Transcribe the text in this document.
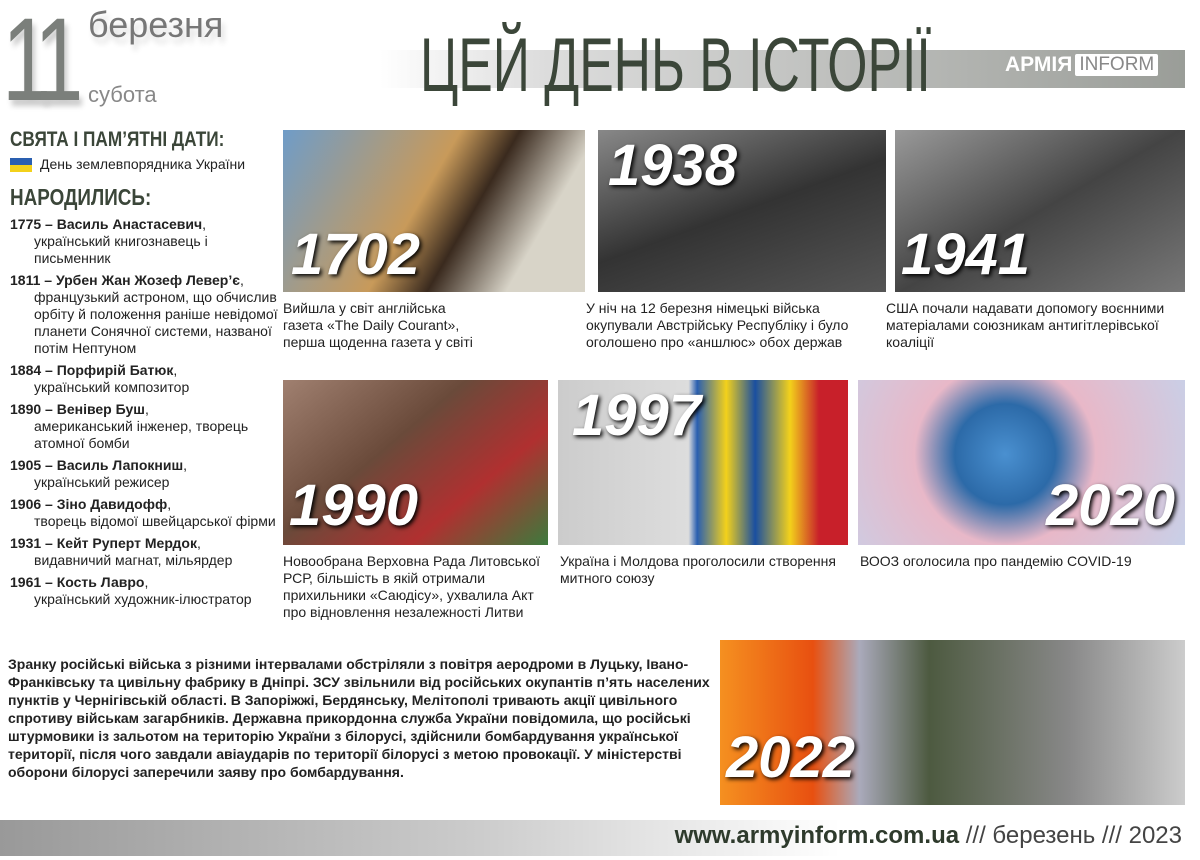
11 березня
субота	ЦЕЙ ДЕНЬ В ІСТОРІЇ	АРМІЯ INFORM
СВЯТА І ПАМ’ЯТНІ ДАТИ:
День землевпорядника України
НАРОДИЛИСЬ:
1775 – Василь Анастасевич,
український книгознавець і письменник
1811 – Урбен Жан Жозеф Левер’є,
французький астроном, що обчислив орбіту й положення раніше невідомої планети Сонячної системи, названої потім Нептуном
1884 – Порфирій Батюк,
український композитор
1890 – Венівер Буш,
американський інженер, творець атомної бомби
1905 – Василь Лапокниш,
український режисер
1906 – Зіно Давидофф,
творець відомої швейцарської фірми
1931 – Кейт Руперт Мердок,
видавничий магнат, мільярдер
1961 – Кость Лавро,
український художник-ілюстратор
1702
1938
1941
1990
1997
2020
2022
Вийшла у світ англійська газета «The Daily Courant», перша щоденна газета у світі
У ніч на 12 березня німецькі війська окупували Австрійську Республіку і було оголошено про «аншлюс» обох держав
США почали надавати допомогу воєнними матеріалами союзникам антигітлерівської коаліції
Новообрана Верховна Рада Литовської РСР, більшість в якій отримали прихильники «Саюдісу», ухвалила Акт про відновлення незалежності Литви
Україна і Молдова проголосили створення митного союзу
ВООЗ оголосила про пандемію COVID-19
Зранку російські війська з різними інтервалами обстріляли з повітря аеродроми в Луцьку, Івано-Франківську та цивільну фабрику в Дніпрі. ЗСУ звільнили від російських окупантів п’ять населених пунктів у Чернігівській області. В Запоріжжі, Бердянську, Мелітополі тривають акції цивільного спротиву військам загарбників. Державна прикордонна служба України повідомила, що російські штурмовики із зальотом на територію України з білорусі, здійснили бомбардування української території, після чого завдали авіаударів по території білорусі з метою провокації. У міністерстві оборони білорусі заперечили заяву про бомбардування.
www.armyinform.com.ua /// березень /// 2023
